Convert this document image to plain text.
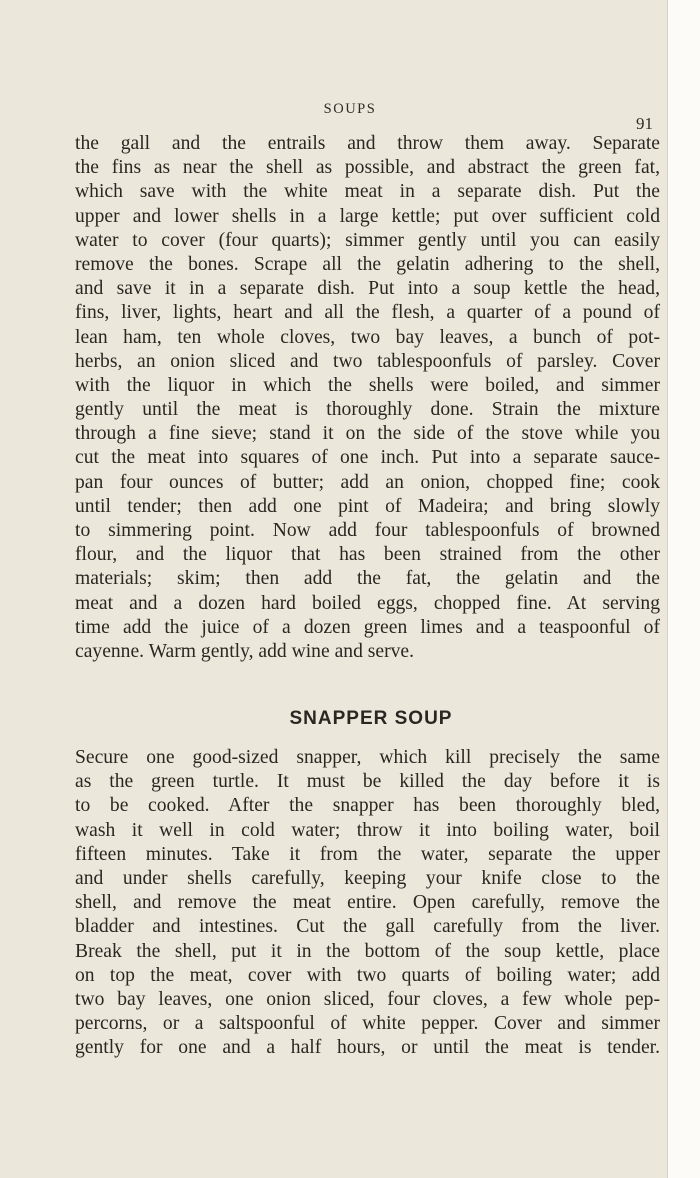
SOUPS
91
the gall and the entrails and throw them away. Separate
the fins as near the shell as possible, and abstract the green fat,
which save with the white meat in a separate dish. Put the
upper and lower shells in a large kettle; put over sufficient cold
water to cover (four quarts); simmer gently until you can easily
remove the bones. Scrape all the gelatin adhering to the shell,
and save it in a separate dish. Put into a soup kettle the head,
fins, liver, lights, heart and all the flesh, a quarter of a pound of
lean ham, ten whole cloves, two bay leaves, a bunch of pot-
herbs, an onion sliced and two tablespoonfuls of parsley. Cover
with the liquor in which the shells were boiled, and simmer
gently until the meat is thoroughly done. Strain the mixture
through a fine sieve; stand it on the side of the stove while you
cut the meat into squares of one inch. Put into a separate sauce-
pan four ounces of butter; add an onion, chopped fine; cook
until tender; then add one pint of Madeira; and bring slowly
to simmering point. Now add four tablespoonfuls of browned
flour, and the liquor that has been strained from the other
materials; skim; then add the fat, the gelatin and the
meat and a dozen hard boiled eggs, chopped fine. At serving
time add the juice of a dozen green limes and a teaspoonful of
cayenne. Warm gently, add wine and serve.
SNAPPER SOUP
Secure one good-sized snapper, which kill precisely the same
as the green turtle. It must be killed the day before it is
to be cooked. After the snapper has been thoroughly bled,
wash it well in cold water; throw it into boiling water, boil
fifteen minutes. Take it from the water, separate the upper
and under shells carefully, keeping your knife close to the
shell, and remove the meat entire. Open carefully, remove the
bladder and intestines. Cut the gall carefully from the liver.
Break the shell, put it in the bottom of the soup kettle, place
on top the meat, cover with two quarts of boiling water; add
two bay leaves, one onion sliced, four cloves, a few whole pep-
percorns, or a saltspoonful of white pepper. Cover and simmer
gently for one and a half hours, or until the meat is tender.
